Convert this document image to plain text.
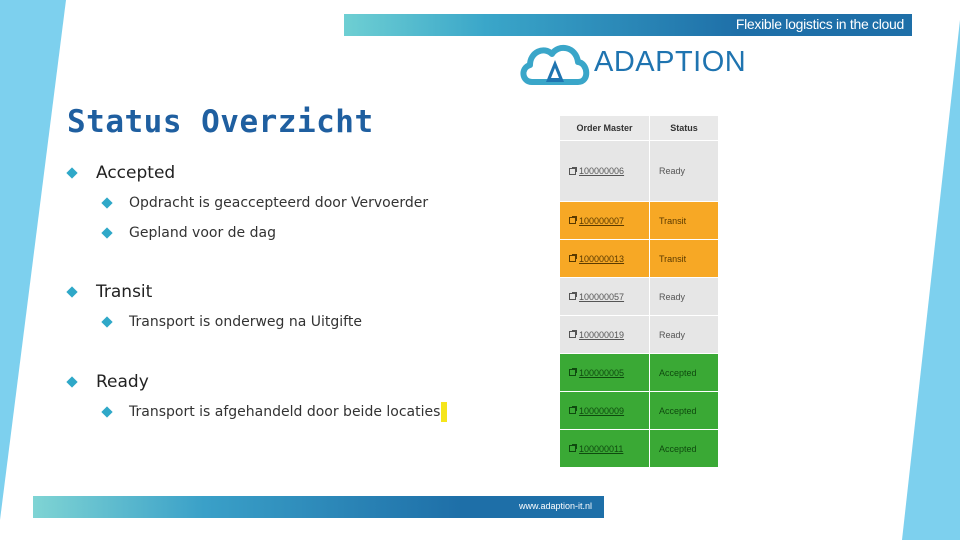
Flexible logistics in the cloud
ADAPTION
Status Overzicht
Accepted
Opdracht is geaccepteerd door Vervoerder
Gepland voor de dag
Transit
Transport is onderweg na Uitgifte
Ready
Transport is afgehandeld door beide locaties
Order Master	Status
100000006	Ready
100000007	Transit
100000013	Transit
100000057	Ready
100000019	Ready
100000005	Accepted
100000009	Accepted
100000011	Accepted
www.adaption-it.nl
